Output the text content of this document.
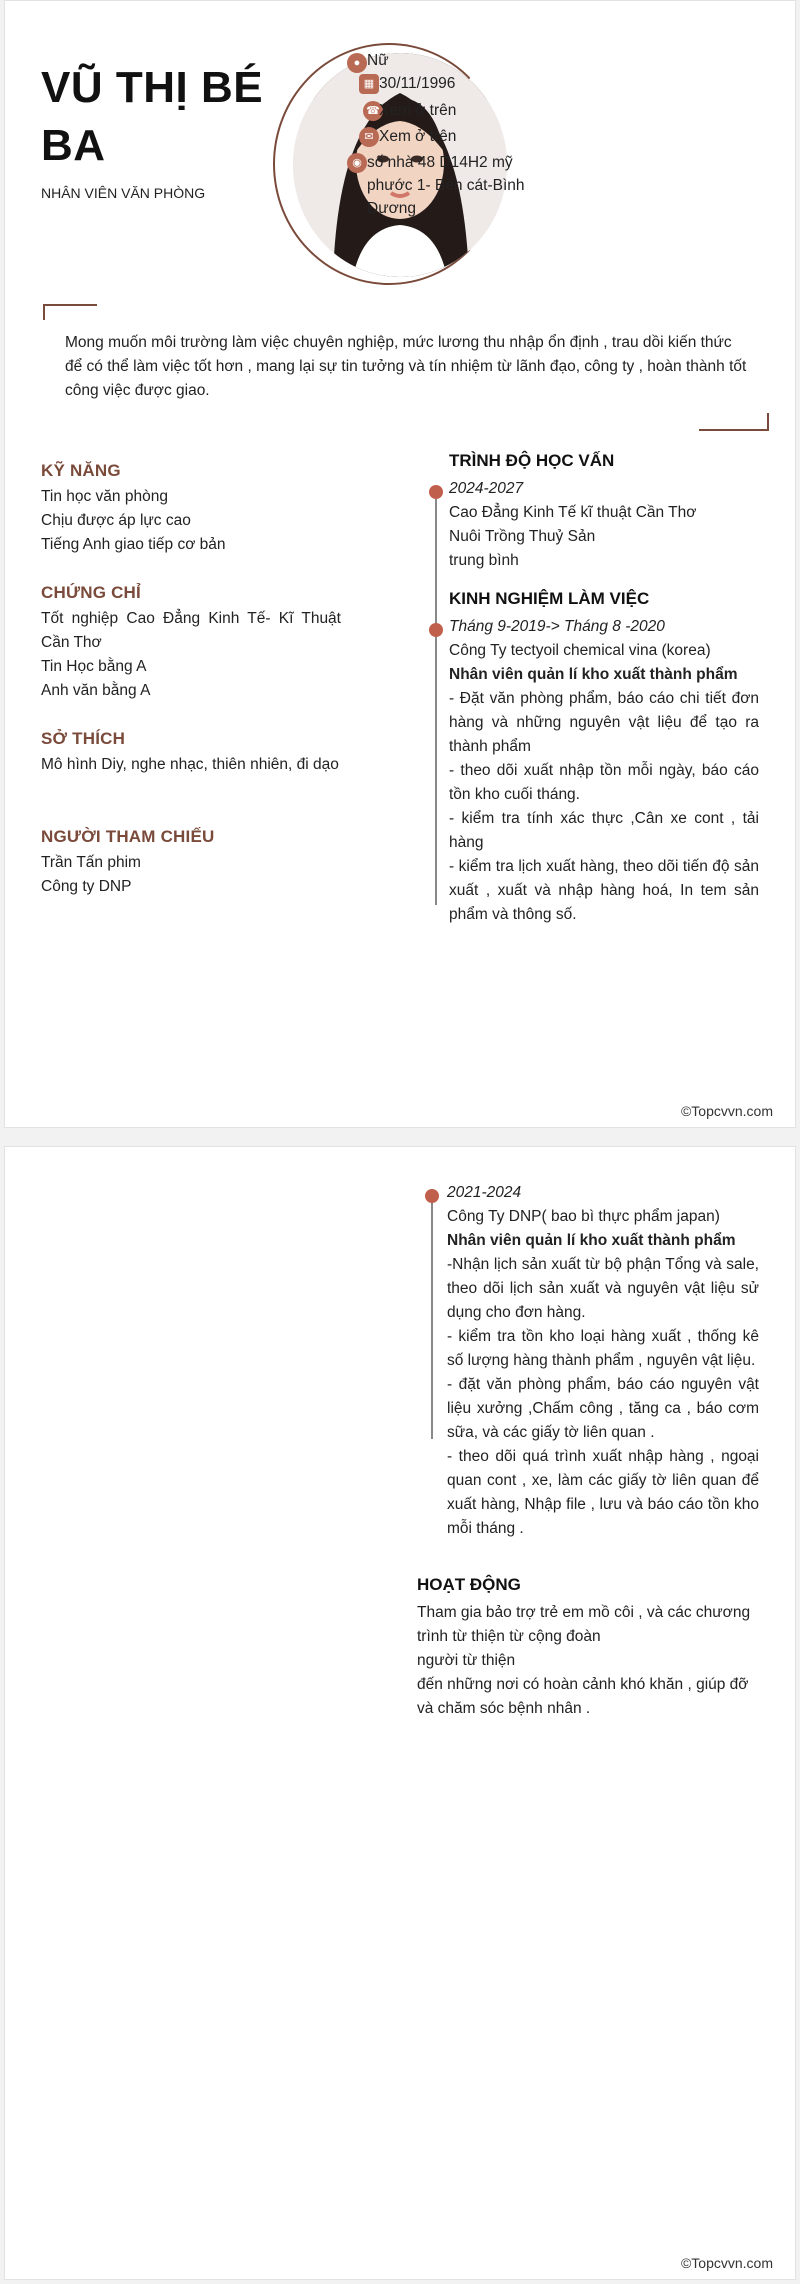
VŨ THỊ BÉ BA
NHÂN VIÊN VĂN PHÒNG
● Nữ
▦ 30/11/1996
☎ Xem ở trên
✉ Xem ở trên
◉ số nhà 48 D14H2 mỹ phước 1- Bến cát-Bình Dương
Mong muốn môi trường làm việc chuyên nghiệp, mức lương thu nhập ổn định , trau dồi kiến thức để có thể làm việc tốt hơn , mang lại sự tin tưởng và tín nhiệm từ lãnh đạo, công ty , hoàn thành tốt công việc được giao.
KỸ NĂNG
Tin học văn phòng
Chịu được áp lực cao
Tiếng Anh giao tiếp cơ bản
CHỨNG CHỈ
Tốt nghiệp Cao Đẳng Kinh Tế- Kĩ Thuật Cần Thơ
Tin Học bằng A
Anh văn bằng A
SỞ THÍCH
Mô hình Diy, nghe nhạc, thiên nhiên, đi dạo
NGƯỜI THAM CHIẾU
Trần Tấn phim
Công ty DNP
TRÌNH ĐỘ HỌC VẤN
2024-2027
Cao Đẳng Kinh Tế kĩ thuật Cần Thơ
Nuôi Trồng Thuỷ Sản
trung bình
KINH NGHIỆM LÀM VIỆC
Tháng 9-2019-> Tháng 8 -2020
Công Ty tectyoil chemical vina (korea)
Nhân viên quản lí kho xuất thành phẩm
- Đặt văn phòng phẩm, báo cáo chi tiết đơn hàng và những nguyên vật liệu để tạo ra thành phẩm
- theo dõi xuất nhập tồn mỗi ngày, báo cáo tồn kho cuối tháng.
- kiểm tra tính xác thực ,Cân xe cont , tải hàng
- kiểm tra lịch xuất hàng, theo dõi tiến độ sản xuất , xuất và nhập hàng hoá, In tem sản phẩm và thông số.
©Topcvvn.com
2021-2024
Công Ty DNP( bao bì thực phẩm japan)
Nhân viên quản lí kho xuất thành phẩm
-Nhận lịch sản xuất từ bộ phận Tổng và sale, theo dõi lịch sản xuất và nguyên vật liệu sử dụng cho đơn hàng.
- kiểm tra tồn kho loại hàng xuất , thống kê số lượng hàng thành phẩm , nguyên vật liệu.
- đặt văn phòng phẩm, báo cáo nguyên vật liệu xưởng ,Chấm công , tăng ca , báo cơm sữa, và các giấy tờ liên quan .
- theo dõi quá trình xuất nhập hàng , ngoại quan cont , xe, làm các giấy tờ liên quan để xuất hàng, Nhập file , lưu và báo cáo tồn kho mỗi tháng .
HOẠT ĐỘNG
Tham gia bảo trợ trẻ em mồ côi , và các chương trình từ thiện từ cộng đoàn
người từ thiện
đến những nơi có hoàn cảnh khó khăn , giúp đỡ và chăm sóc bệnh nhân .
©Topcvvn.com
